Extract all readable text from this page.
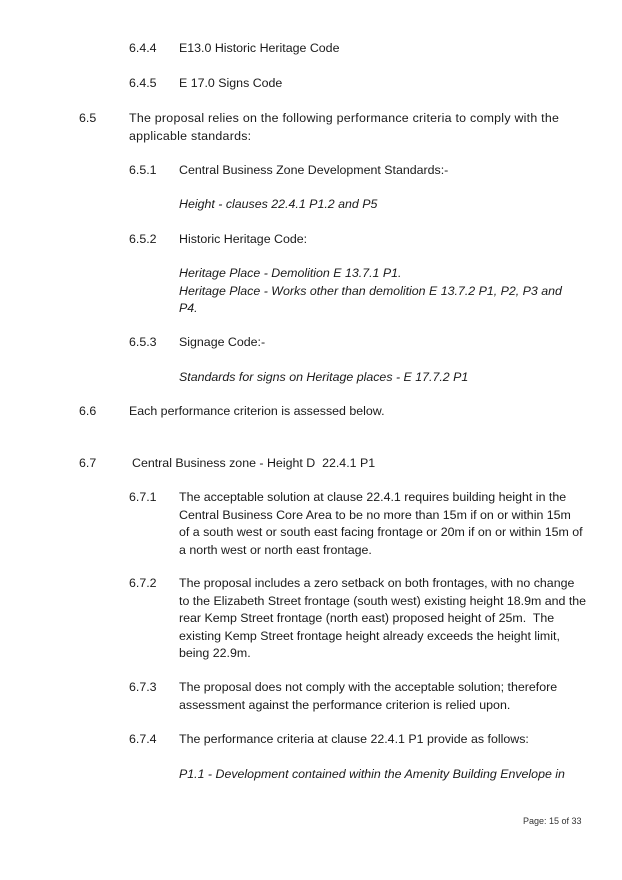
6.4.4 E13.0 Historic Heritage Code
6.4.5 E 17.0 Signs Code
6.5	The proposal relies on the following performance criteria to comply with the
applicable standards:
6.5.1 Central Business Zone Development Standards:-
Height - clauses 22.4.1 P1.2 and P5
6.5.2 Historic Heritage Code:
Heritage Place - Demolition E 13.7.1 P1.
Heritage Place - Works other than demolition E 13.7.2 P1, P2, P3 and
P4.
6.5.3 Signage Code:-
Standards for signs on Heritage places - E 17.7.2 P1
6.6	Each performance criterion is assessed below.
6.7	Central Business zone - Height D  22.4.1 P1
6.7.1 The acceptable solution at clause 22.4.1 requires building height in the
Central Business Core Area to be no more than 15m if on or within 15m
of a south west or south east facing frontage or 20m if on or within 15m of
a north west or north east frontage.
6.7.2 The proposal includes a zero setback on both frontages, with no change
to the Elizabeth Street frontage (south west) existing height 18.9m and the
rear Kemp Street frontage (north east) proposed height of 25m.  The
existing Kemp Street frontage height already exceeds the height limit,
being 22.9m.
6.7.3 The proposal does not comply with the acceptable solution; therefore
assessment against the performance criterion is relied upon.
6.7.4 The performance criteria at clause 22.4.1 P1 provide as follows:
P1.1 - Development contained within the Amenity Building Envelope in
Page: 15 of 33
